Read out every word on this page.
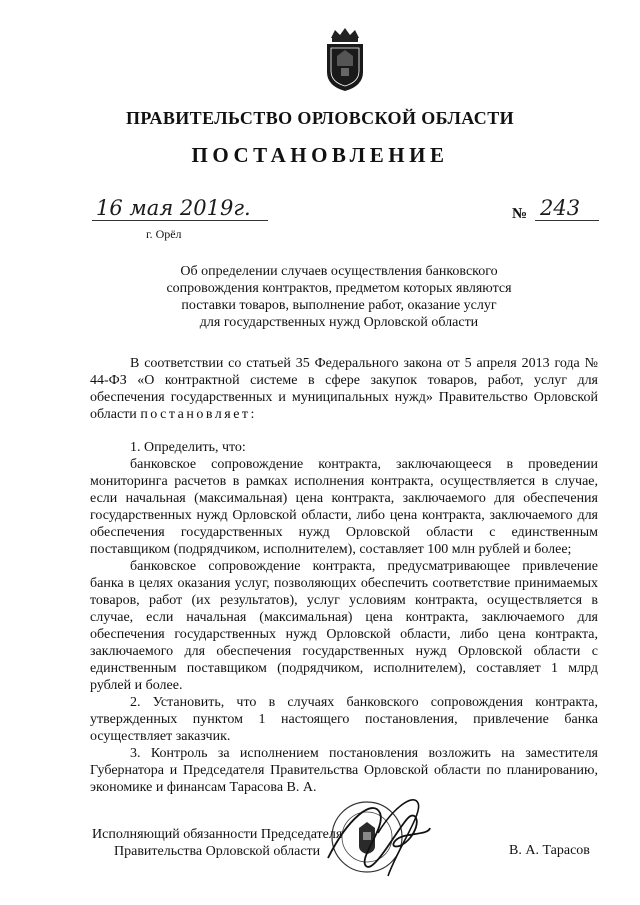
ПРАВИТЕЛЬСТВО ОРЛОВСКОЙ ОБЛАСТИ
ПОСТАНОВЛЕНИЕ
16 мая 2019г.
г. Орёл
№ 243
Об определении случаев осуществления банковского
сопровождения контрактов, предметом которых являются
поставки товаров, выполнение работ, оказание услуг
для государственных нужд Орловской области

В соответствии со статьей 35 Федерального закона от 5 апреля 2013 года № 44-ФЗ «О контрактной системе в сфере закупок товаров, работ, услуг для обеспечения государственных и муниципальных нужд» Правительство Орловской области постановляет:

1. Определить, что:

банковское сопровождение контракта, заключающееся в проведении мониторинга расчетов в рамках исполнения контракта, осуществляется в случае, если начальная (максимальная) цена контракта, заключаемого для обеспечения государственных нужд Орловской области, либо цена контракта, заключаемого для обеспечения государственных нужд Орловской области с единственным поставщиком (подрядчиком, исполнителем), составляет 100 млн рублей и более;

банковское сопровождение контракта, предусматривающее привлечение банка в целях оказания услуг, позволяющих обеспечить соответствие принимаемых товаров, работ (их результатов), услуг условиям контракта, осуществляется в случае, если начальная (максимальная) цена контракта, заключаемого для обеспечения государственных нужд Орловской области, либо цена контракта, заключаемого для обеспечения государственных нужд Орловской области с единственным поставщиком (подрядчиком, исполнителем), составляет 1 млрд рублей и более.

2. Установить, что в случаях банковского сопровождения контракта, утвержденных пунктом 1 настоящего постановления, привлечение банка осуществляет заказчик.

3. Контроль за исполнением постановления возложить на заместителя Губернатора и Председателя Правительства Орловской области по планированию, экономике и финансам Тарасова В. А.

Исполняющий обязанности Председателя
Правительства Орловской области	В. А. Тарасов
